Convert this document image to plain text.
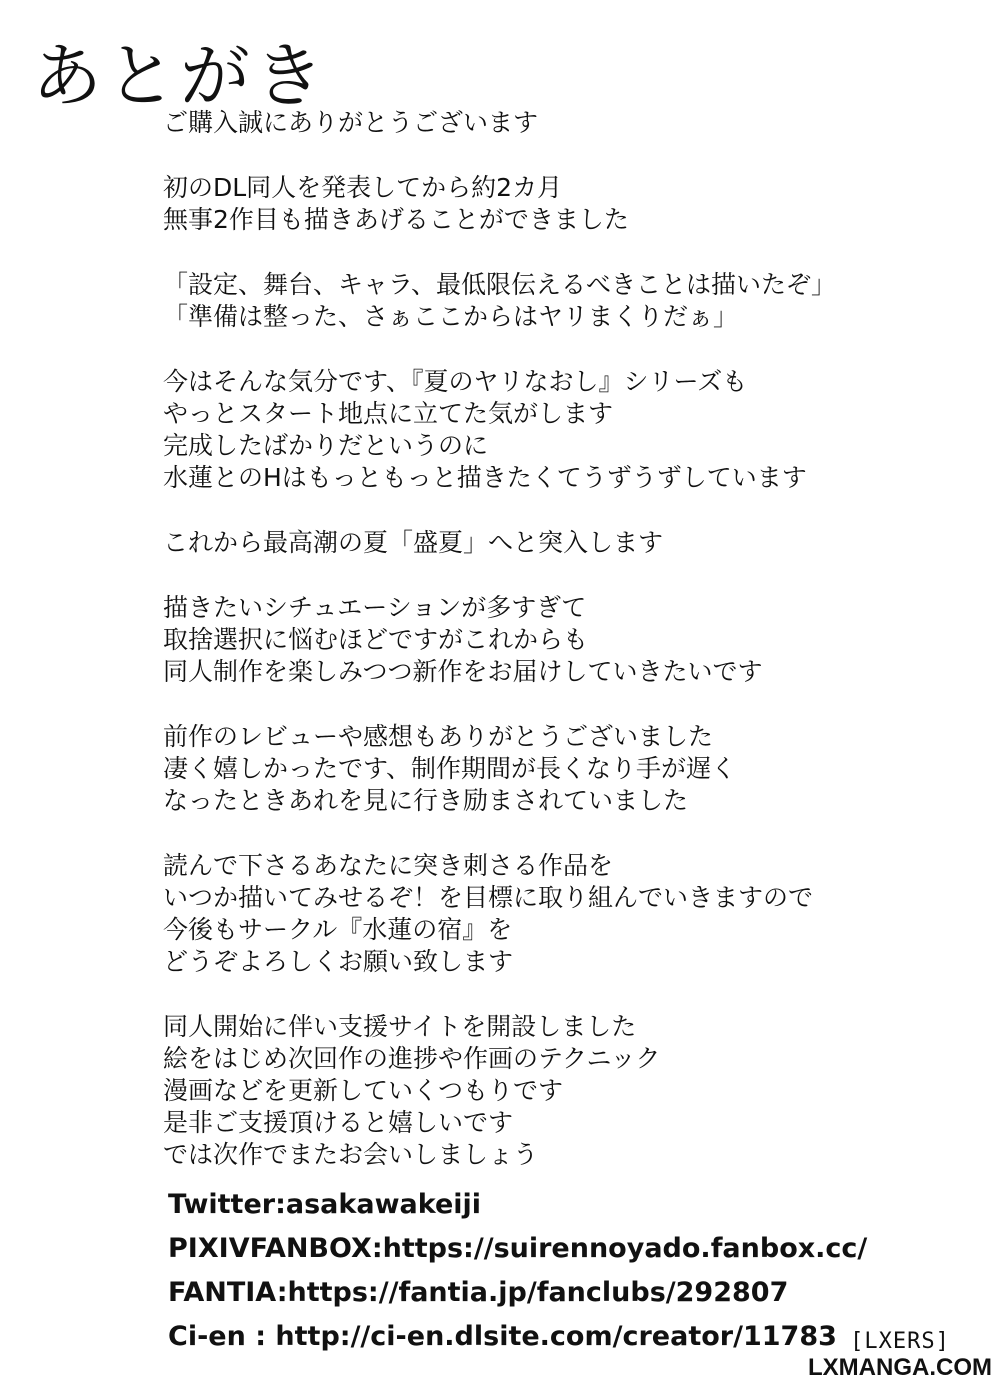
あとがき
ご購入誠にありがとうございます
初のDL同人を発表してから約2カ月
無事2作目も描きあげることができました
「設定、舞台、キャラ、最低限伝えるべきことは描いたぞ」
「準備は整った、さぁここからはヤリまくりだぁ」
今はそんな気分です、『夏のヤリなおし』シリーズも
やっとスタート地点に立てた気がします
完成したばかりだというのに
水蓮とのHはもっともっと描きたくてうずうずしています
これから最高潮の夏「盛夏」へと突入します
描きたいシチュエーションが多すぎて
取捨選択に悩むほどですがこれからも
同人制作を楽しみつつ新作をお届けしていきたいです
前作のレビューや感想もありがとうございました
凄く嬉しかったです、制作期間が長くなり手が遅く
なったときあれを見に行き励まされていました
読んで下さるあなたに突き刺さる作品を
いつか描いてみせるぞ！を目標に取り組んでいきますので
今後もサークル『水蓮の宿』を
どうぞよろしくお願い致します
同人開始に伴い支援サイトを開設しました
絵をはじめ次回作の進捗や作画のテクニック
漫画などを更新していくつもりです
是非ご支援頂けると嬉しいです
では次作でまたお会いしましょう
Twitter:asakawakeiji
PIXIVFANBOX:https://suirennoyado.fanbox.cc/
FANTIA:https://fantia.jp/fanclubs/292807
Ci-en : http://ci-en.dlsite.com/creator/11783 [LXERS]
LXMANGA.COM
